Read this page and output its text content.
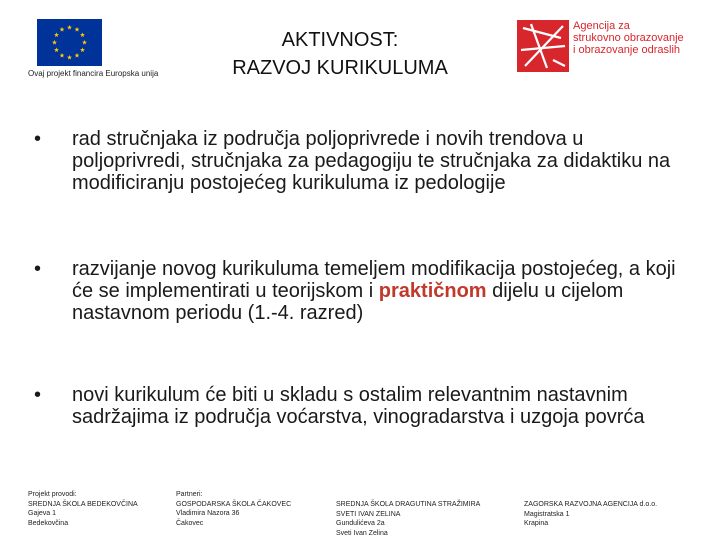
Ovaj projekt financira Europska unija
AKTIVNOST:
RAZVOJ KURIKULUMA
Agencija za
strukovno obrazovanje
i obrazovanje odraslih
•	rad stručnjaka iz područja poljoprivrede i novih trendova u poljoprivredi, stručnjaka za pedagogiju te stručnjaka za didaktiku na modificiranju postojećeg kurikuluma iz pedologije
•	razvijanje novog kurikuluma temeljem modifikacija postojećeg, a koji će se implementirati u teorijskom i praktičnom dijelu u cijelom nastavnom periodu (1.-4. razred)
•	novi kurikulum će biti u skladu s ostalim relevantnim nastavnim sadržajima iz područja voćarstva, vinogradarstva i uzgoja povrća
Projekt provodi:
SREDNJA ŠKOLA BEDEKOVČINA
Gajeva 1
Bedekovčina
Partneri:
GOSPODARSKA ŠKOLA ČAKOVEC
Vladimira Nazora 36
Čakovec
SREDNJA ŠKOLA DRAGUTINA STRAŽIMIRA
SVETI IVAN ZELINA
Gundulićeva 2a
Sveti Ivan Zelina
ZAGORSKA RAZVOJNA AGENCIJA d.o.o.
Magistratska 1
Krapina
